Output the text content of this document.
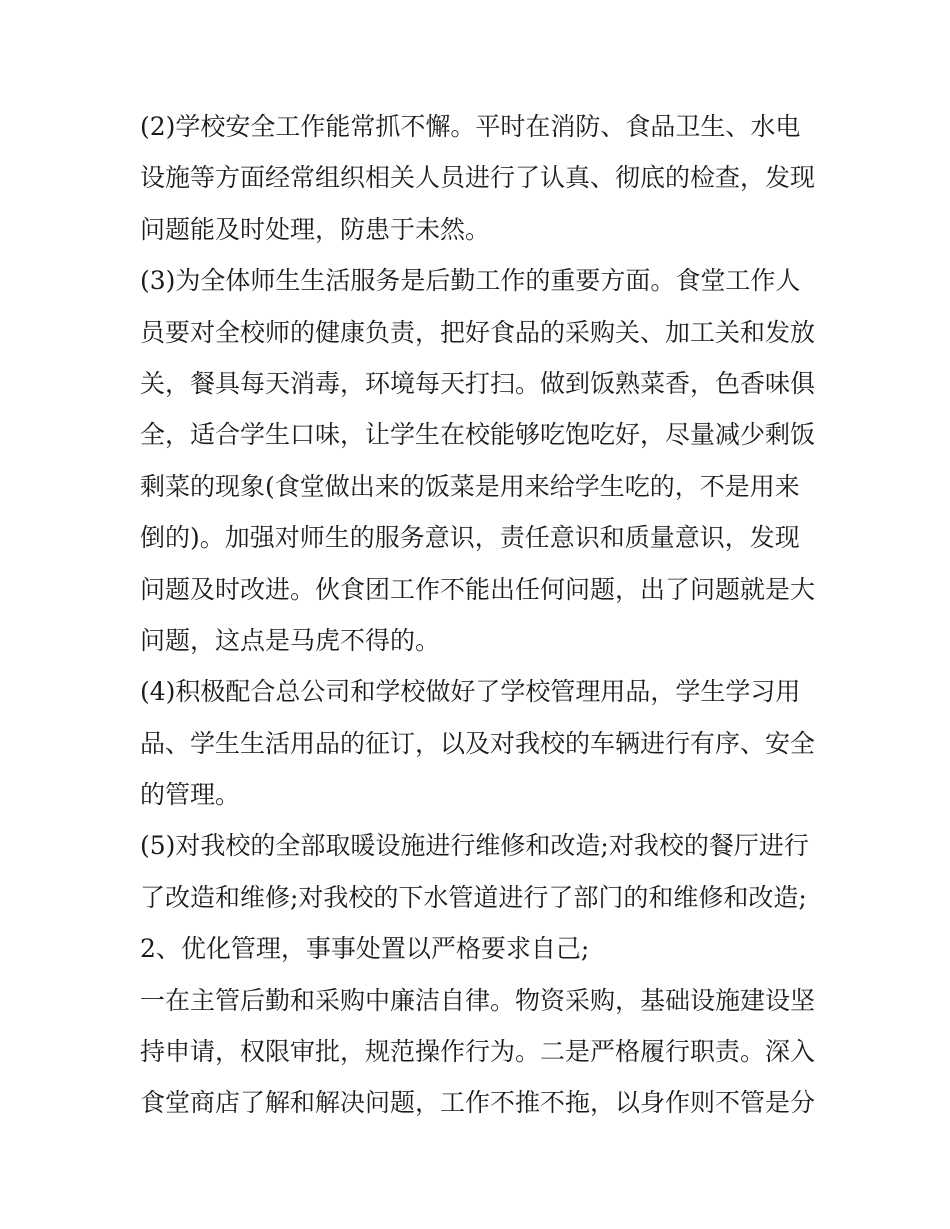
(2)学校安全工作能常抓不懈。平时在消防、食品卫生、水电
设施等方面经常组织相关人员进行了认真、彻底的检查，发现
问题能及时处理，防患于未然。

(3)为全体师生生活服务是后勤工作的重要方面。食堂工作人
员要对全校师的健康负责，把好食品的采购关、加工关和发放
关，餐具每天消毒，环境每天打扫。做到饭熟菜香，色香味俱
全，适合学生口味，让学生在校能够吃饱吃好，尽量减少剩饭
剩菜的现象(食堂做出来的饭菜是用来给学生吃的，不是用来
倒的)。加强对师生的服务意识，责任意识和质量意识，发现
问题及时改进。伙食团工作不能出任何问题，出了问题就是大
问题，这点是马虎不得的。

(4)积极配合总公司和学校做好了学校管理用品，学生学习用
品、学生生活用品的征订，以及对我校的车辆进行有序、安全
的管理。

(5)对我校的全部取暖设施进行维修和改造;对我校的餐厅进行
了改造和维修;对我校的下水管道进行了部门的和维修和改造;

2、优化管理，事事处置以严格要求自己;

一在主管后勤和采购中廉洁自律。物资采购，基础设施建设坚
持申请，权限审批，规范操作行为。二是严格履行职责。深入
食堂商店了解和解决问题，工作不推不拖，以身作则不管是分
